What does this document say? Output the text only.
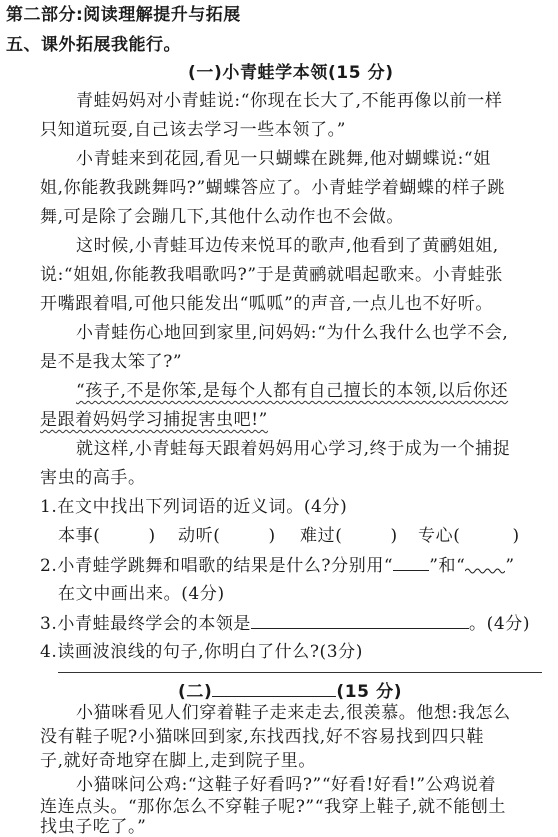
第二部分:阅读理解提升与拓展
五、课外拓展我能行。
(一)小青蛙学本领(15 分)
青蛙妈妈对小青蛙说:“你现在长大了,不能再像以前一样
只知道玩耍,自己该去学习一些本领了。”
小青蛙来到花园,看见一只蝴蝶在跳舞,他对蝴蝶说:“姐
姐,你能教我跳舞吗?”蝴蝶答应了。小青蛙学着蝴蝶的样子跳
舞,可是除了会蹦几下,其他什么动作也不会做。
这时候,小青蛙耳边传来悦耳的歌声,他看到了黄鹂姐姐,
说:“姐姐,你能教我唱歌吗?”于是黄鹂就唱起歌来。小青蛙张
开嘴跟着唱,可他只能发出“呱呱”的声音,一点儿也不好听。
小青蛙伤心地回到家里,问妈妈:“为什么我什么也学不会,
是不是我太笨了?”
“孩子,不是你笨,是每个人都有自己擅长的本领,以后你还
是跟着妈妈学习捕捉害虫吧!”
就这样,小青蛙每天跟着妈妈用心学习,终于成为一个捕捉
害虫的高手。
1.在文中找出下列词语的近义词。(4分)
本事(	) 动听(	) 难过(	) 专心(	)
2.小青蛙学跳舞和唱歌的结果是什么?分别用“ ”和“ ”
在文中画出来。(4分)
3.小青蛙最终学会的本领是	。(4分)
4.读画波浪线的句子,你明白了什么?(3分)
(二)	(15 分)
小猫咪看见人们穿着鞋子走来走去,很羡慕。他想:我怎么
没有鞋子呢?小猫咪回到家,东找西找,好不容易找到四只鞋
子,就好奇地穿在脚上,走到院子里。
小猫咪问公鸡:“这鞋子好看吗?”“好看!好看!”公鸡说着
连连点头。“那你怎么不穿鞋子呢?”“我穿上鞋子,就不能刨土
找虫子吃了。”
